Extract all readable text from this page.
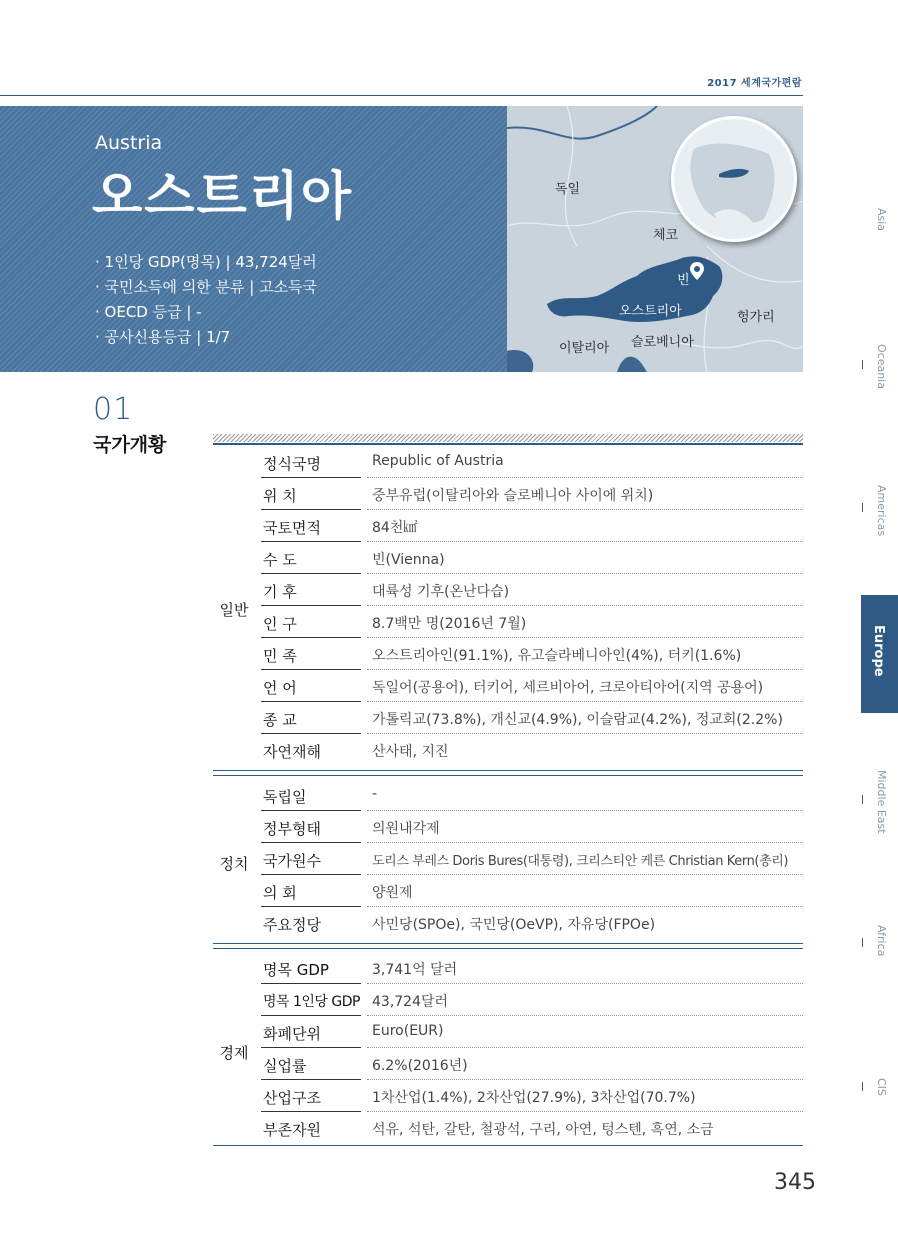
2017 세계국가편람
Austria
오스트리아
· 1인당 GDP(명목) | 43,724달러
· 국민소득에 의한 분류 | 고소득국
· OECD 등급 | -
· 공사신용등급 | 1/7
독일
체코
빈
오스트리아	헝가리
이탈리아 슬로베니아
01
국가개황
일반
정식국명	Republic of Austria
위 치	중부유럽(이탈리아와 슬로베니아 사이에 위치)
국토면적	84천㎢
수 도	빈(Vienna)
기 후	대륙성 기후(온난다습)
인 구	8.7백만 명(2016년 7월)
민 족	오스트리아인(91.1%), 유고슬라베니아인(4%), 터키(1.6%)
언 어	독일어(공용어), 터키어, 세르비아어, 크로아티아어(지역 공용어)
종 교	가톨릭교(73.8%), 개신교(4.9%), 이슬람교(4.2%), 정교회(2.2%)
자연재해	산사태, 지진
정치
독립일	-
정부형태	의원내각제
국가원수	도리스 부레스 Doris Bures(대통령), 크리스티안 케른 Christian Kern(총리)
의 회	양원제
주요정당	사민당(SPOe), 국민당(OeVP), 자유당(FPOe)
경제
명목 GDP	3,741억 달러
명목 1인당 GDP 43,724달러
화폐단위	Euro(EUR)
실업률	6.2%(2016년)
산업구조	1차산업(1.4%), 2차산업(27.9%), 3차산업(70.7%)
부존자원	석유, 석탄, 갈탄, 철광석, 구리, 아연, 텅스텐, 흑연, 소금
345
Asia
Oceania
Americas
Europe
Middle East
Africa
CIS
